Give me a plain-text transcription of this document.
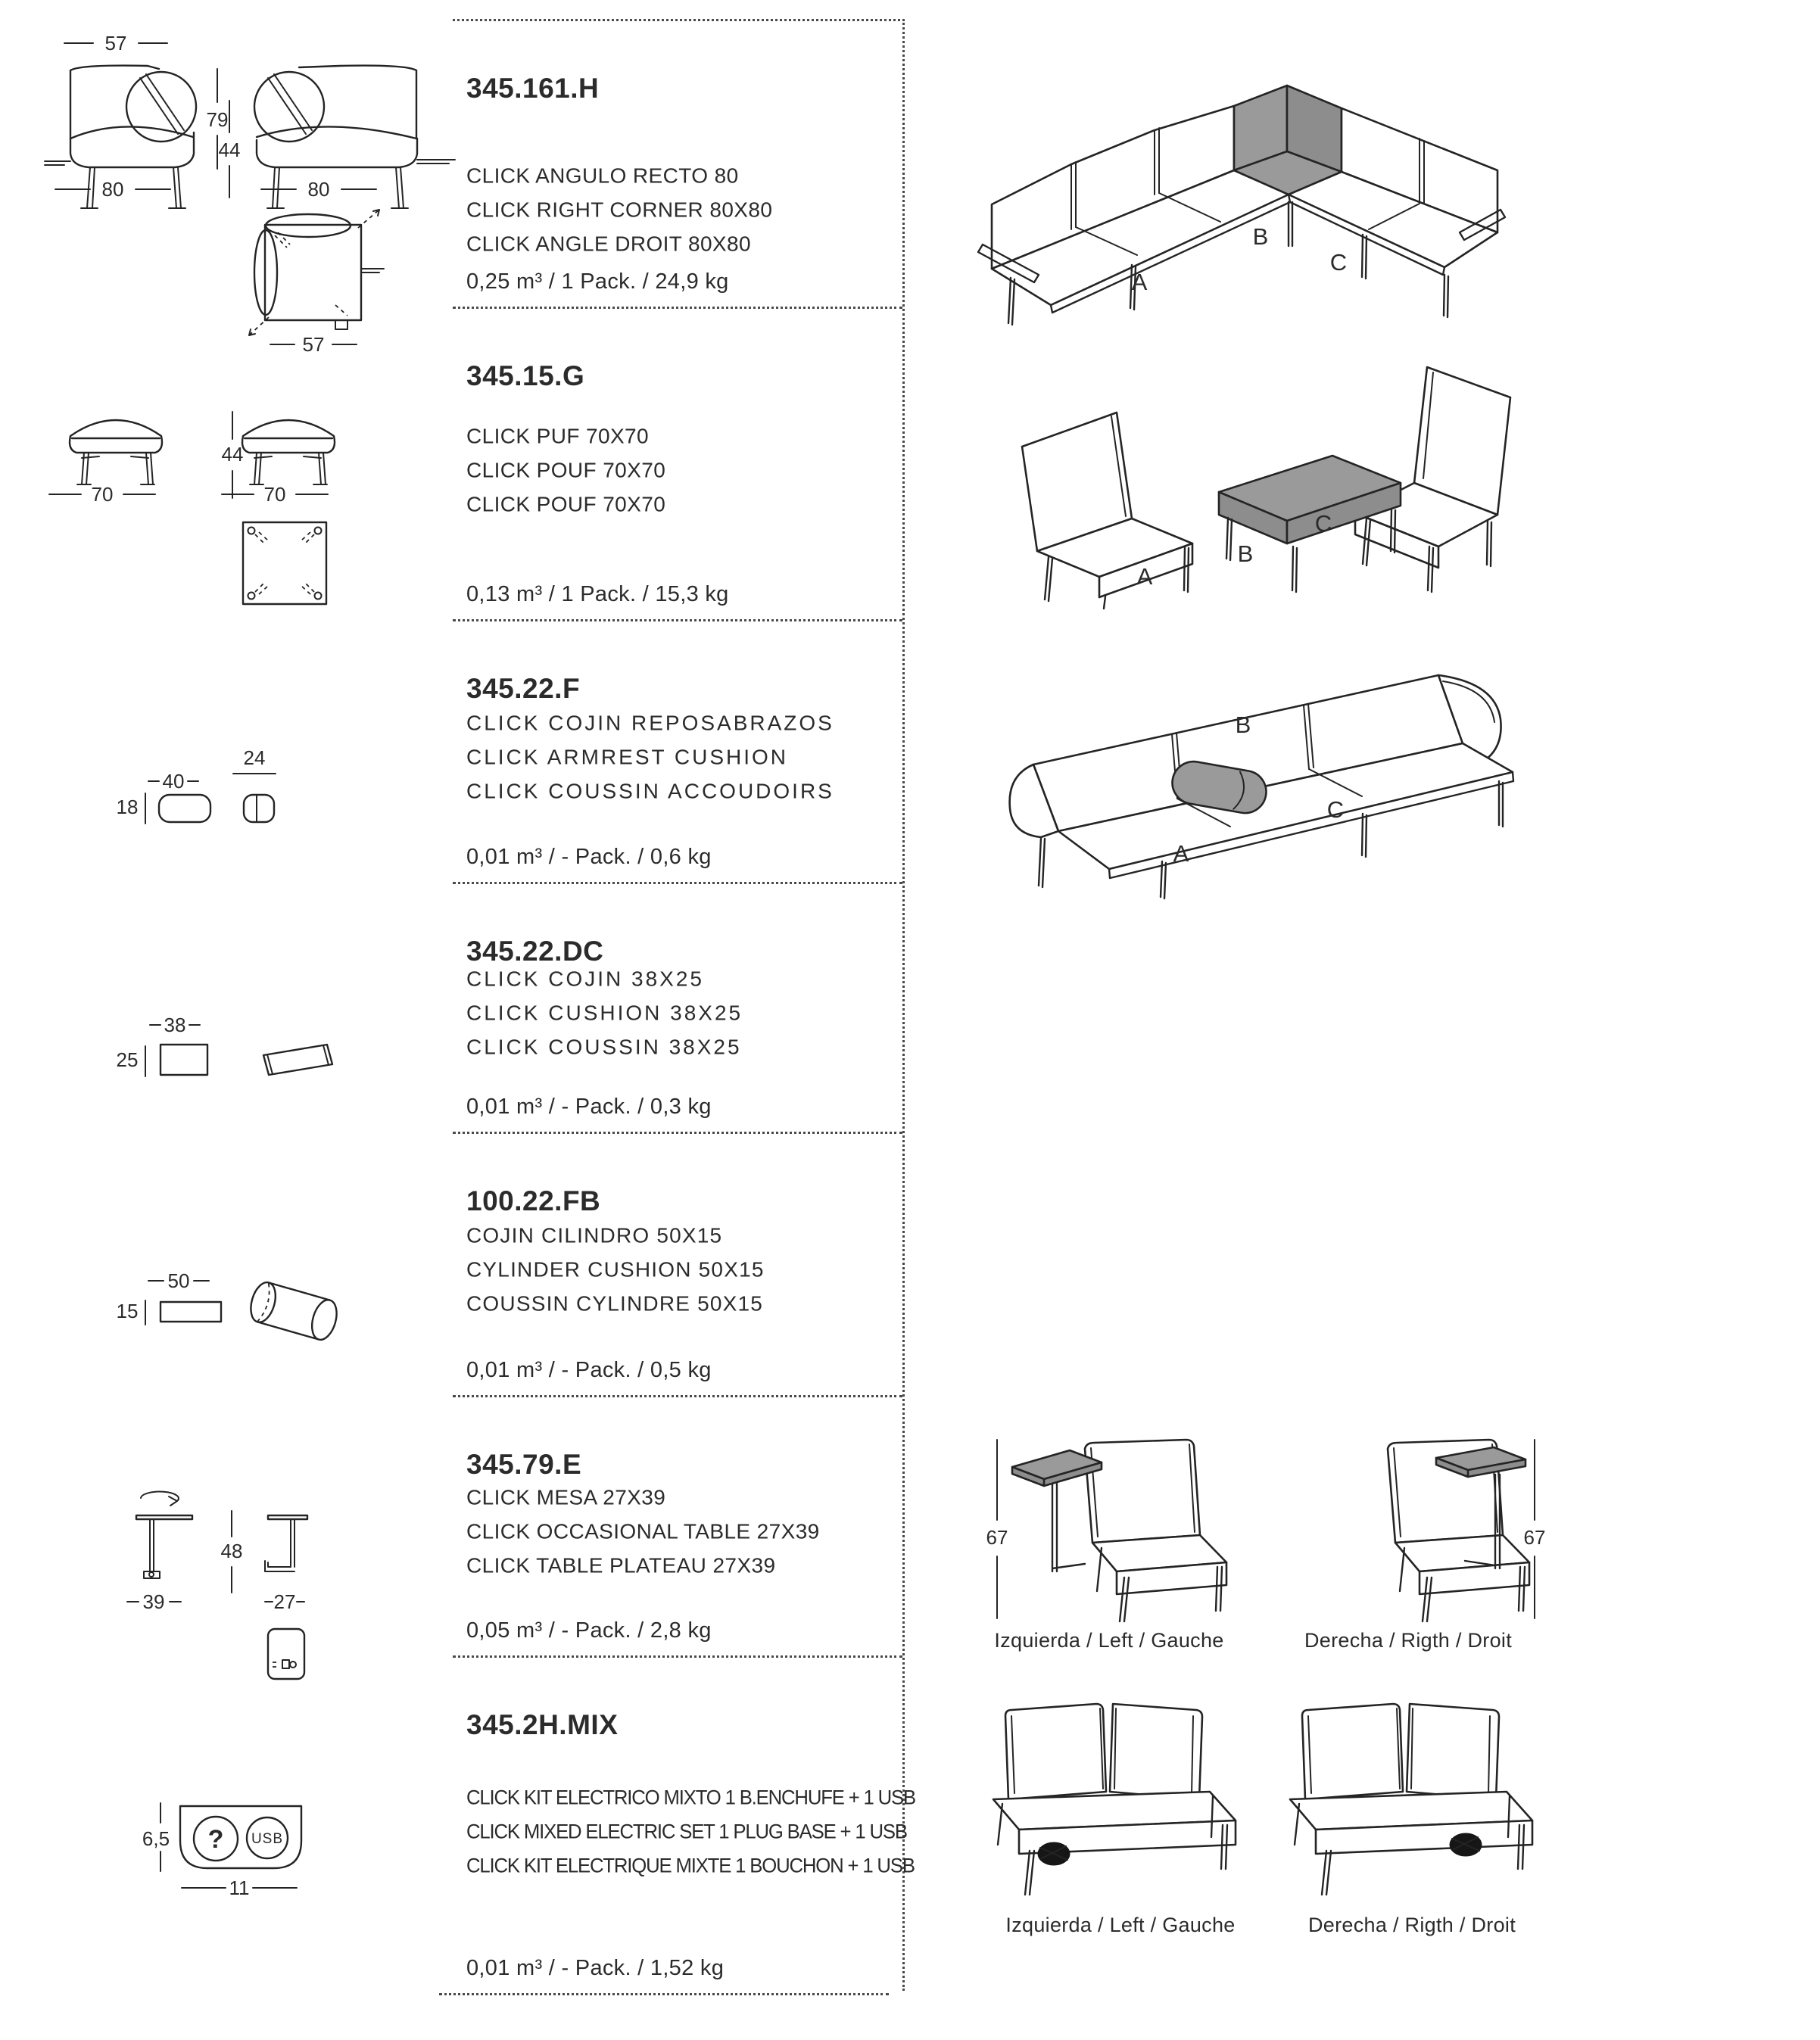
57
79
80
44
80
57
44
70	70
24
40
18
38
25
50
15
48
39	27
? USB
6,5
11
345.161.H
CLICK ANGULO RECTO 80
CLICK RIGHT CORNER 80X80
CLICK ANGLE DROIT 80X80
0,25 m³ / 1 Pack. / 24,9 kg
345.15.G
CLICK PUF 70X70
CLICK POUF 70X70
CLICK POUF 70X70
0,13 m³ / 1 Pack. / 15,3 kg
345.22.F
CLICK COJIN REPOSABRAZOS
CLICK ARMREST CUSHION
CLICK COUSSIN ACCOUDOIRS
0,01 m³ / - Pack. / 0,6 kg
345.22.DC
CLICK COJIN 38X25
CLICK CUSHION 38X25
CLICK COUSSIN 38X25
0,01 m³ / - Pack. / 0,3 kg
100.22.FB
COJIN CILINDRO 50X15
CYLINDER CUSHION 50X15
COUSSIN CYLINDRE 50X15
0,01 m³ / - Pack. / 0,5 kg
345.79.E
CLICK MESA 27X39
CLICK OCCASIONAL TABLE 27X39
CLICK TABLE PLATEAU 27X39
0,05 m³ / - Pack. / 2,8 kg
345.2H.MIX
CLICK KIT ELECTRICO MIXTO 1 B.ENCHUFE + 1 USB
CLICK MIXED ELECTRIC SET 1 PLUG BASE + 1 USB
CLICK KIT ELECTRIQUE MIXTE 1 BOUCHON + 1 USB
0,01 m³ / - Pack. / 1,52 kg
A
B
C
A
B
C
B
A
C
67	67
Izquierda / Left / Gauche	Derecha / Rigth / Droit
Izquierda / Left / Gauche	Derecha / Rigth / Droit
